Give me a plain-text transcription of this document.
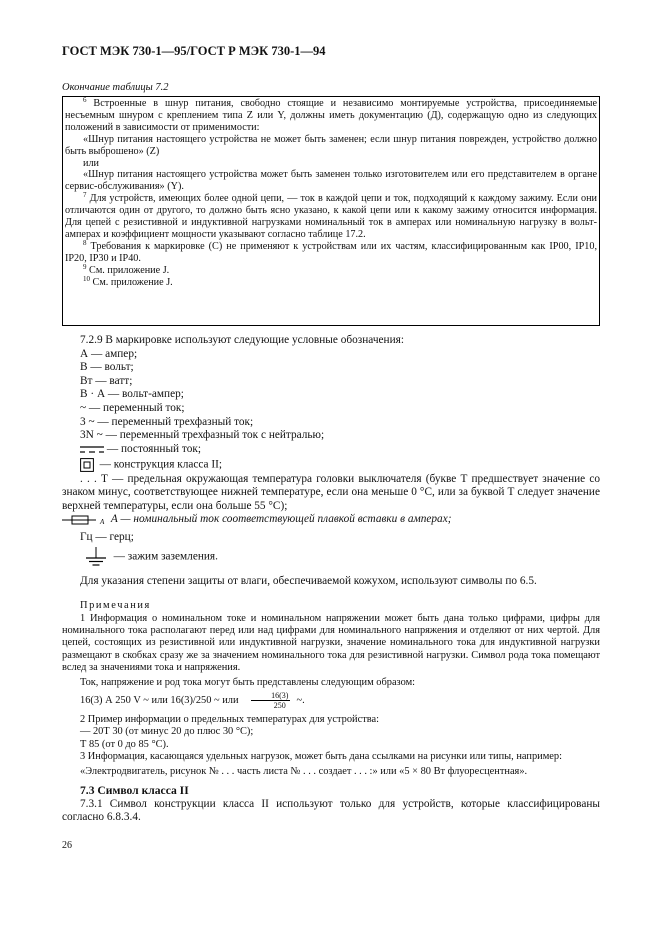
ГОСТ МЭК 730-1—95/ГОСТ Р МЭК 730-1—94
Окончание таблицы 7.2

$^6$ Встроенные в шнур питания, свободно стоящие и независимо монтируемые устройства, присоединяемые несъемным шнуром с креплением типа Z или Y, должны иметь документацию (Д), содержащую одно из следующих положений в зависимости от применимости:

«Шнур питания настоящего устройства не может быть заменен; если шнур питания поврежден, устройство должно быть выброшено» (Z)

или

«Шнур питания настоящего устройства может быть заменен только изготовителем или его представителем в органе сервис-обслуживания» (Y).

$^7$ Для устройств, имеющих более одной цепи, — ток в каждой цепи и ток, подходящий к каждому зажиму. Если они отличаются один от другого, то должно быть ясно указано, к какой цепи или к какому зажиму относится информация. Для цепей с резистивной и индуктивной нагрузками номинальный ток в амперах или номинальную нагрузку в вольт-амперах и коэффициент мощности указывают согласно таблице 17.2.

$^8$ Требования к маркировке (С) не применяют к устройствам или их частям, классифицированным как IP00, IP10, IP20, IP30 и IP40.

$^9$ См. приложение J.

$^{10}$ См. приложение J.

7.2.9 В маркировке используют следующие условные обозначения:

А — ампер;

В — вольт;

Вт — ватт;

В · А — вольт-ампер;

~ — переменный ток;

3 ~ — переменный трехфазный ток;

3N ~ — переменный трехфазный ток с нейтралью;

— постоянный ток;

— конструкция класса II;

. . . Т — предельная окружающая температура головки выключателя (букве Т предшествует значение со знаком минус, соответствующее нижней температуре, если она меньше 0 °С, или за буквой Т следует значение верхней температуры, если она больше 55 °С);

A А — номинальный ток соответствующей плавкой вставки в амперах;

Гц — герц;

— зажим заземления.

Для указания степени защиты от влаги, обеспечиваемой кожухом, используют символы по 6.5.

Примечания

1 Информация о номинальном токе и номинальном напряжении может быть дана только цифрами, цифры для номинального тока располагают перед или над цифрами для номинального напряжения и отделяют от них чертой. Для цепей, состоящих из резистивной или индуктивной нагрузки, значение номинального тока для индуктивной нагрузки размещают в скобках сразу же за значением номинального тока для резистивной нагрузки. Символ рода тока помещают вслед за значениями тока и напряжения.

Ток, напряжение и род тока могут быть представлены следующим образом:

16(3) А 250 V ~ или 16(3)/250 ~ или $\frac{16(3)}{250}$ ~.

2 Пример информации о предельных температурах для устройства:

— 20Т 30 (от минус 20 до плюс 30 °С);

Т 85 (от 0 до 85 °С).

3 Информация, касающаяся удельных нагрузок, может быть дана ссылками на рисунки или типы, например:

«Электродвигатель, рисунок № . . . часть листа № . . . создает . . . :» или «5 × 80 Вт флуоресцентная».

7.3 Символ класса II

7.3.1 Символ конструкции класса II используют только для устройств, которые классифицированы согласно 6.8.3.4.

26
